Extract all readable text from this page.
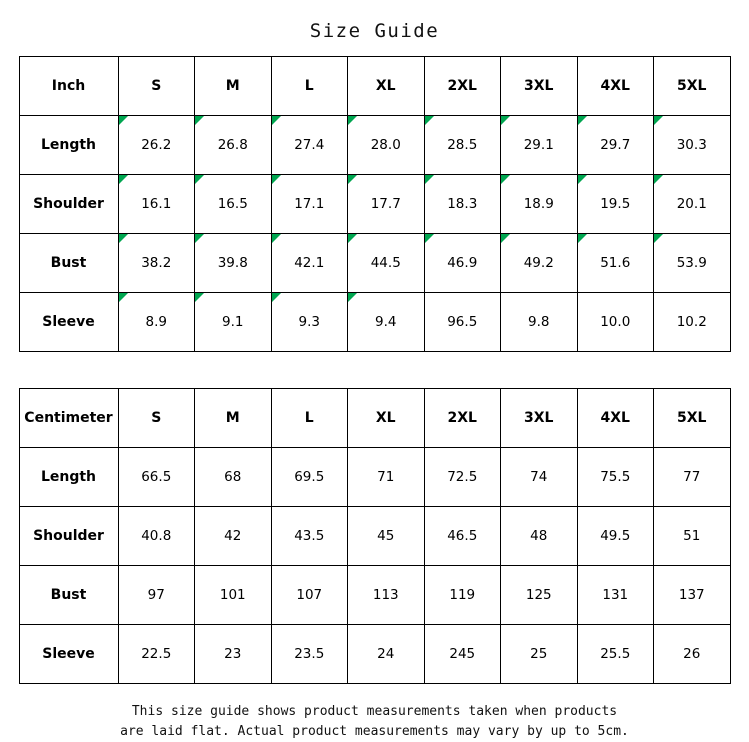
Size Guide
Inch	S	M	L	XL	2XL	3XL	4XL	5XL
Length	26.2	26.8	27.4	28.0	28.5	29.1	29.7	30.3
Shoulder	16.1	16.5	17.1	17.7	18.3	18.9	19.5	20.1
Bust	38.2	39.8	42.1	44.5	46.9	49.2	51.6	53.9
Sleeve	8.9	9.1	9.3	9.4	96.5	9.8	10.0	10.2
Centimeter	S	M	L	XL	2XL	3XL	4XL	5XL
Length	66.5	68	69.5	71	72.5	74	75.5	77
Shoulder	40.8	42	43.5	45	46.5	48	49.5	51
Bust	97	101	107	113	119	125	131	137
Sleeve	22.5	23	23.5	24	245	25	25.5	26
This size guide shows product measurements taken when products
are laid flat. Actual product measurements may vary by up to 5cm.
